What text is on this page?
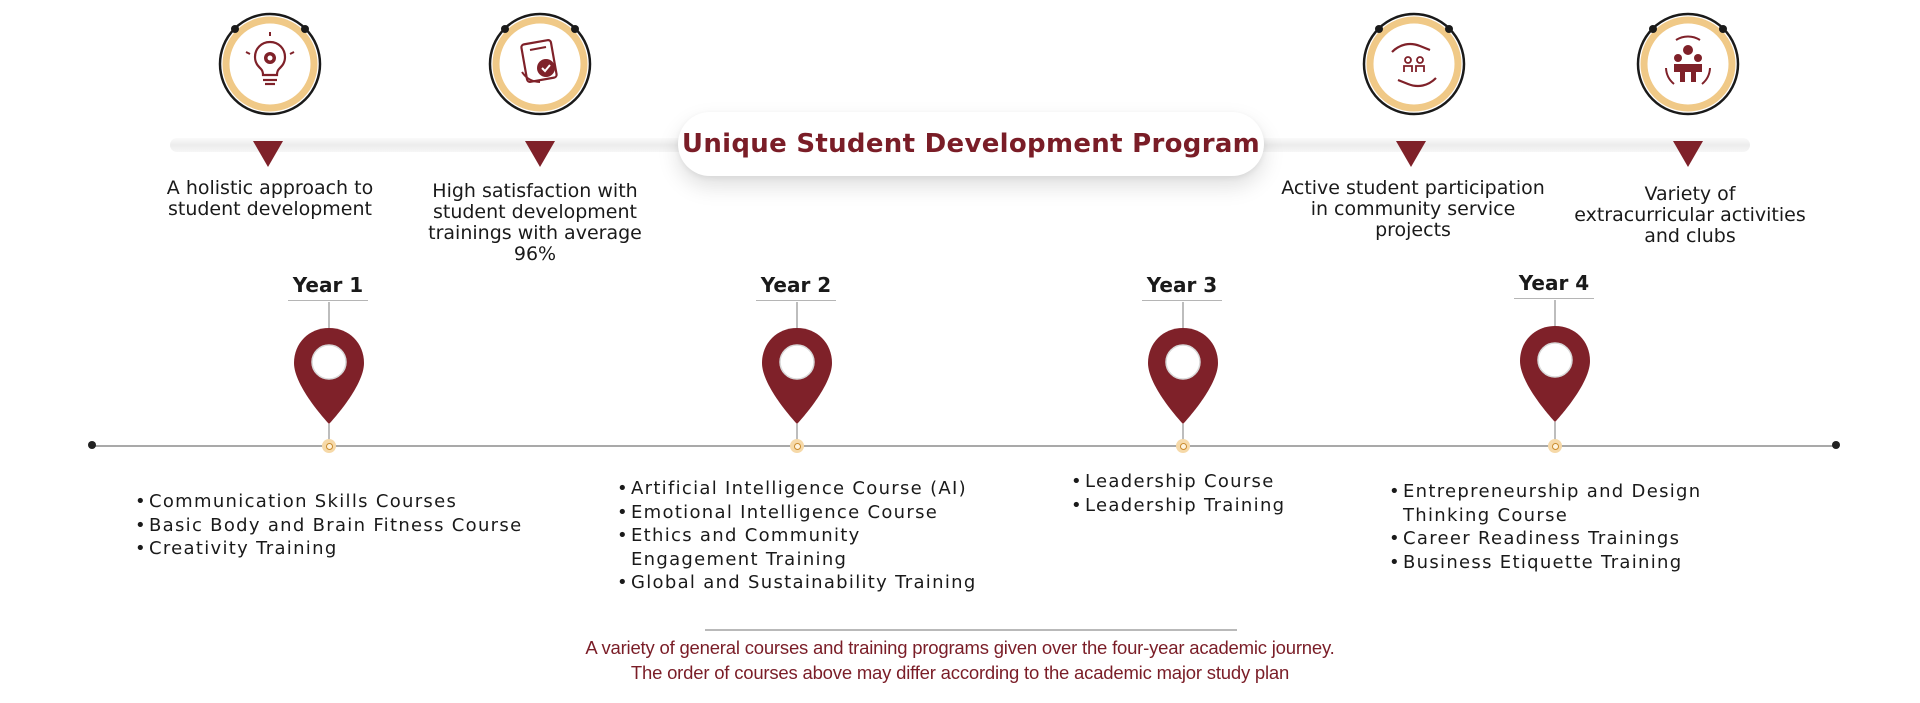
Unique Student Development Program
A holistic approach to
student development
High satisfaction with
student development
trainings with average
96%
Active student participation
in community service
projects
Variety of
extracurricular activities
and clubs
Year 1	Year 2	Year 3	Year 4
• Communication Skills Courses
• Basic Body and Brain Fitness Course
• Creativity Training
• Artificial Intelligence Course (AI)
• Emotional Intelligence Course
• Ethics and Community
Engagement Training
• Global and Sustainability Training
• Leadership Course
• Leadership Training
• Entrepreneurship and Design
Thinking Course
• Career Readiness Trainings
• Business Etiquette Training
A variety of general courses and training programs given over the four-year academic journey.
The order of courses above may differ according to the academic major study plan
